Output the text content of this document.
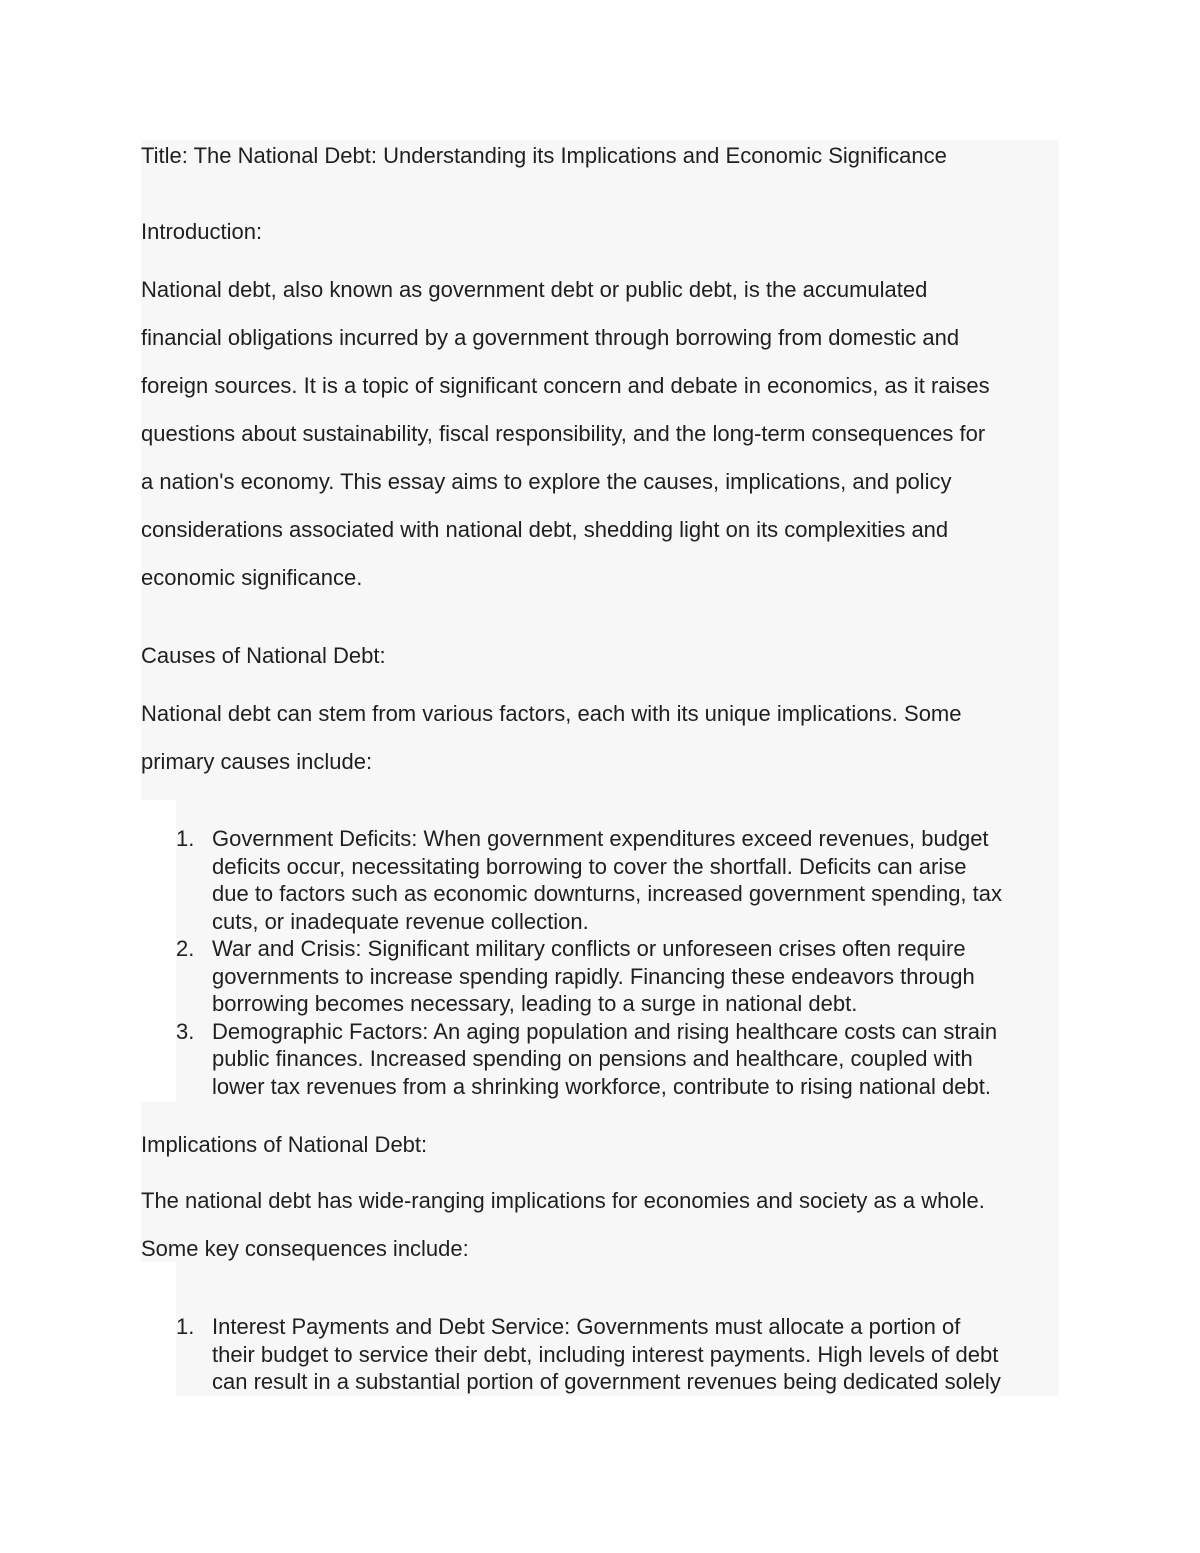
Title: The National Debt: Understanding its Implications and Economic Significance

Introduction:

National debt, also known as government debt or public debt, is the accumulated
financial obligations incurred by a government through borrowing from domestic and
foreign sources. It is a topic of significant concern and debate in economics, as it raises
questions about sustainability, fiscal responsibility, and the long-term consequences for
a nation's economy. This essay aims to explore the causes, implications, and policy
considerations associated with national debt, shedding light on its complexities and
economic significance.

Causes of National Debt:

National debt can stem from various factors, each with its unique implications. Some
primary causes include:
1. Government Deficits: When government expenditures exceed revenues, budget
deficits occur, necessitating borrowing to cover the shortfall. Deficits can arise
due to factors such as economic downturns, increased government spending, tax
cuts, or inadequate revenue collection.
2. War and Crisis: Significant military conflicts or unforeseen crises often require
governments to increase spending rapidly. Financing these endeavors through
borrowing becomes necessary, leading to a surge in national debt.
3. Demographic Factors: An aging population and rising healthcare costs can strain
public finances. Increased spending on pensions and healthcare, coupled with
lower tax revenues from a shrinking workforce, contribute to rising national debt.

Implications of National Debt:

The national debt has wide-ranging implications for economies and society as a whole.
Some key consequences include:
1. Interest Payments and Debt Service: Governments must allocate a portion of
their budget to service their debt, including interest payments. High levels of debt
can result in a substantial portion of government revenues being dedicated solely
